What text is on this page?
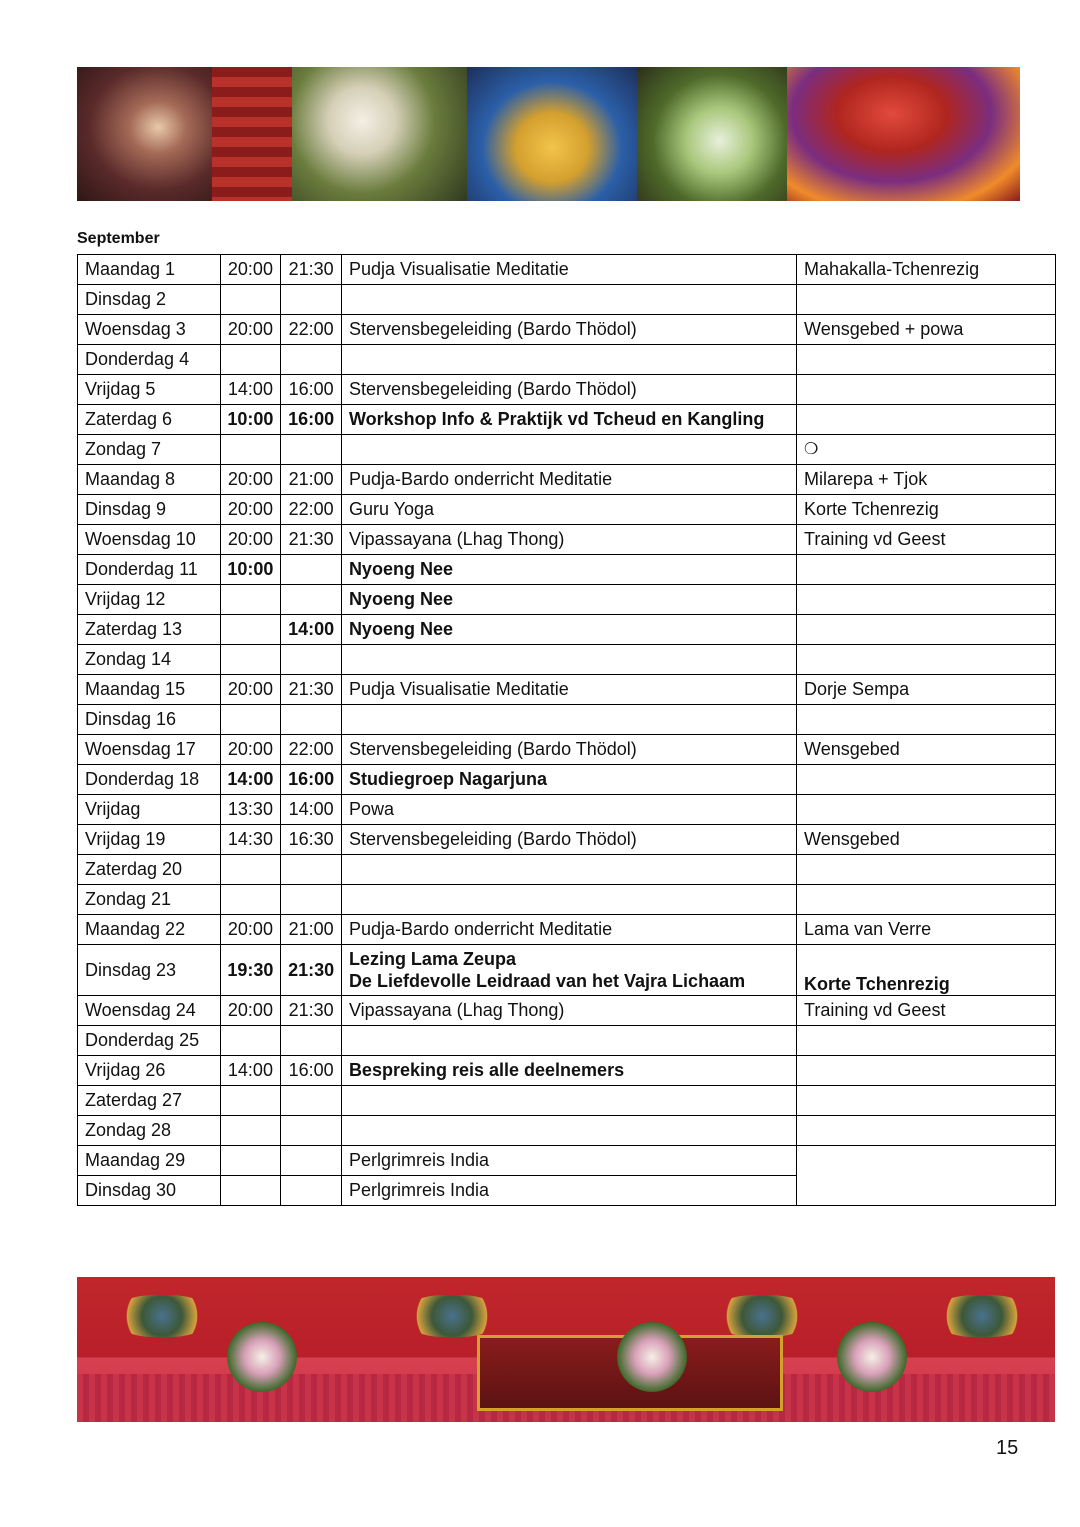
September
Maandag 1	20:00	21:30	Pudja Visualisatie Meditatie	Mahakalla-Tchenrezig
Dinsdag 2				
Woensdag 3	20:00	22:00	Stervensbegeleiding (Bardo Thödol)	Wensgebed + powa
Donderdag 4				
Vrijdag 5	14:00	16:00	Stervensbegeleiding (Bardo Thödol)	
Zaterdag 6	10:00	16:00	Workshop Info & Praktijk vd Tcheud en Kangling	
Zondag 7				❍
Maandag 8	20:00	21:00	Pudja-Bardo onderricht Meditatie	Milarepa + Tjok
Dinsdag 9	20:00	22:00	Guru Yoga	Korte Tchenrezig
Woensdag 10	20:00	21:30	Vipassayana (Lhag Thong)	Training vd Geest
Donderdag 11	10:00		Nyoeng Nee	
Vrijdag 12			Nyoeng Nee	
Zaterdag 13		14:00	Nyoeng Nee	
Zondag 14				
Maandag 15	20:00	21:30	Pudja Visualisatie Meditatie	Dorje Sempa
Dinsdag 16				
Woensdag 17	20:00	22:00	Stervensbegeleiding (Bardo Thödol)	Wensgebed
Donderdag 18	14:00	16:00	Studiegroep Nagarjuna	
Vrijdag	13:30	14:00	Powa	
Vrijdag 19	14:30	16:30	Stervensbegeleiding (Bardo Thödol)	Wensgebed
Zaterdag 20				
Zondag 21				
Maandag 22	20:00	21:00	Pudja-Bardo onderricht Meditatie	Lama van Verre
Dinsdag 23	19:30	21:30	Lezing Lama Zeupa
De Liefdevolle Leidraad van het Vajra Lichaam	Korte Tchenrezig
Woensdag 24	20:00	21:30	Vipassayana (Lhag Thong)	Training vd Geest
Donderdag 25				
Vrijdag 26	14:00	16:00	Bespreking reis alle deelnemers	
Zaterdag 27				
Zondag 28				
Maandag 29			Perlgrimreis India	
Dinsdag 30			Perlgrimreis India	
15
